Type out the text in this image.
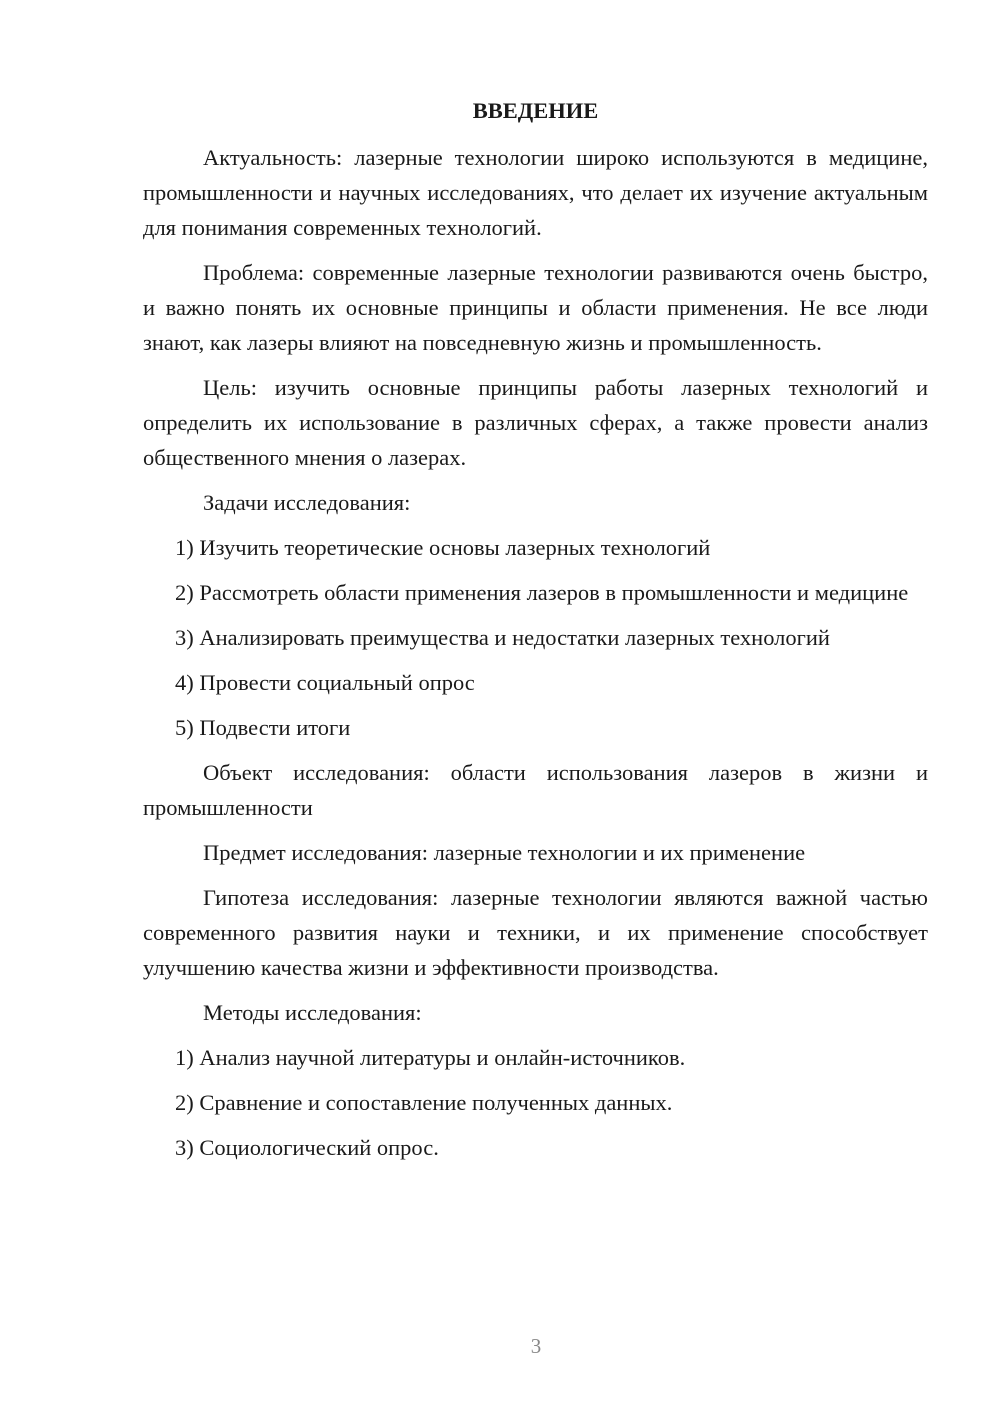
ВВЕДЕНИЕ

Актуальность: лазерные технологии широко используются в медицине, промышленности и научных исследованиях, что делает их изучение актуальным для понимания современных технологий.

Проблема: современные лазерные технологии развиваются очень быстро, и важно понять их основные принципы и области применения. Не все люди знают, как лазеры влияют на повседневную жизнь и промышленность.

Цель: изучить основные принципы работы лазерных технологий и определить их использование в различных сферах, а также провести анализ общественного мнения о лазерах.

Задачи исследования:

1) Изучить теоретические основы лазерных технологий

2) Рассмотреть области применения лазеров в промышленности и медицине

3) Анализировать преимущества и недостатки лазерных технологий

4) Провести социальный опрос

5) Подвести итоги

Объект исследования: области использования лазеров в жизни и промышленности

Предмет исследования: лазерные технологии и их применение

Гипотеза исследования: лазерные технологии являются важной частью современного развития науки и техники, и их применение способствует улучшению качества жизни и эффективности производства.

Методы исследования:

1) Анализ научной литературы и онлайн-источников.

2) Сравнение и сопоставление полученных данных.

3) Социологический опрос.

3
